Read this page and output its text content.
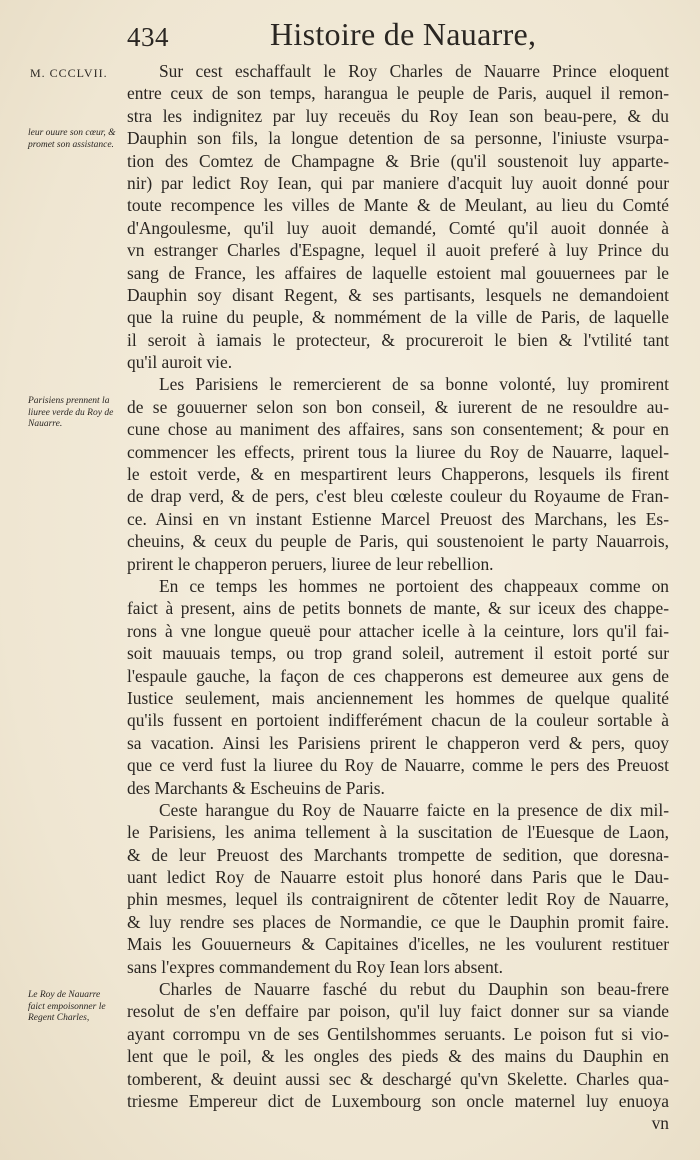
434	Histoire de Nauarre,
M. CCCLVII.
leur ouure son cœur, & promet son assistance.
Parisiens prennent la liuree verde du Roy de Nauarre.
Le Roy de Nauarre faict empoisonner le Regent Charles,
Sur cest eschaffault le Roy Charles de Nauarre Prince eloquent
entre ceux de son temps, harangua le peuple de Paris, auquel il remon-
stra les indignitez par luy receuës du Roy Iean son beau-pere, & du
Dauphin son fils, la longue detention de sa personne, l'iniuste vsurpa-
tion des Comtez de Champagne & Brie (qu'il soustenoit luy apparte-
nir) par ledict Roy Iean, qui par maniere d'acquit luy auoit donné pour
toute recompence les villes de Mante & de Meulant, au lieu du Comté
d'Angoulesme, qu'il luy auoit demandé, Comté qu'il auoit donnée à
vn estranger Charles d'Espagne, lequel il auoit preferé à luy Prince du
sang de France, les affaires de laquelle estoient mal gouuernees par le
Dauphin soy disant Regent, & ses partisants, lesquels ne demandoient
que la ruine du peuple, & nommément de la ville de Paris, de laquelle
il seroit à iamais le protecteur, & procureroit le bien & l'vtilité tant
qu'il auroit vie.
Les Parisiens le remercierent de sa bonne volonté, luy promirent
de se gouuerner selon son bon conseil, & iurerent de ne resouldre au-
cune chose au maniment des affaires, sans son consentement; & pour en
commencer les effects, prirent tous la liuree du Roy de Nauarre, laquel-
le estoit verde, & en mespartirent leurs Chapperons, lesquels ils firent
de drap verd, & de pers, c'est bleu cœleste couleur du Royaume de Fran-
ce. Ainsi en vn instant Estienne Marcel Preuost des Marchans, les Es-
cheuins, & ceux du peuple de Paris, qui soustenoient le party Nauarrois,
prirent le chapperon peruers, liuree de leur rebellion.
En ce temps les hommes ne portoient des chappeaux comme on
faict à present, ains de petits bonnets de mante, & sur iceux des chappe-
rons à vne longue queuë pour attacher icelle à la ceinture, lors qu'il fai-
soit mauuais temps, ou trop grand soleil, autrement il estoit porté sur
l'espaule gauche, la façon de ces chapperons est demeuree aux gens de
Iustice seulement, mais anciennement les hommes de quelque qualité
qu'ils fussent en portoient indifferément chacun de la couleur sortable à
sa vacation. Ainsi les Parisiens prirent le chapperon verd & pers, quoy
que ce verd fust la liuree du Roy de Nauarre, comme le pers des Preuost
des Marchants & Escheuins de Paris.
Ceste harangue du Roy de Nauarre faicte en la presence de dix mil-
le Parisiens, les anima tellement à la suscitation de l'Euesque de Laon,
& de leur Preuost des Marchants trompette de sedition, que doresna-
uant ledict Roy de Nauarre estoit plus honoré dans Paris que le Dau-
phin mesmes, lequel ils contraignirent de cõtenter ledit Roy de Nauarre,
& luy rendre ses places de Normandie, ce que le Dauphin promit faire.
Mais les Gouuerneurs & Capitaines d'icelles, ne les voulurent restituer
sans l'expres commandement du Roy Iean lors absent.
Charles de Nauarre fasché du rebut du Dauphin son beau-frere
resolut de s'en deffaire par poison, qu'il luy faict donner sur sa viande
ayant corrompu vn de ses Gentilshommes seruants. Le poison fut si vio-
lent que le poil, & les ongles des pieds & des mains du Dauphin en
tomberent, & deuint aussi sec & deschargé qu'vn Skelette. Charles qua-
triesme Empereur dict de Luxembourg son oncle maternel luy enuoya
vn
